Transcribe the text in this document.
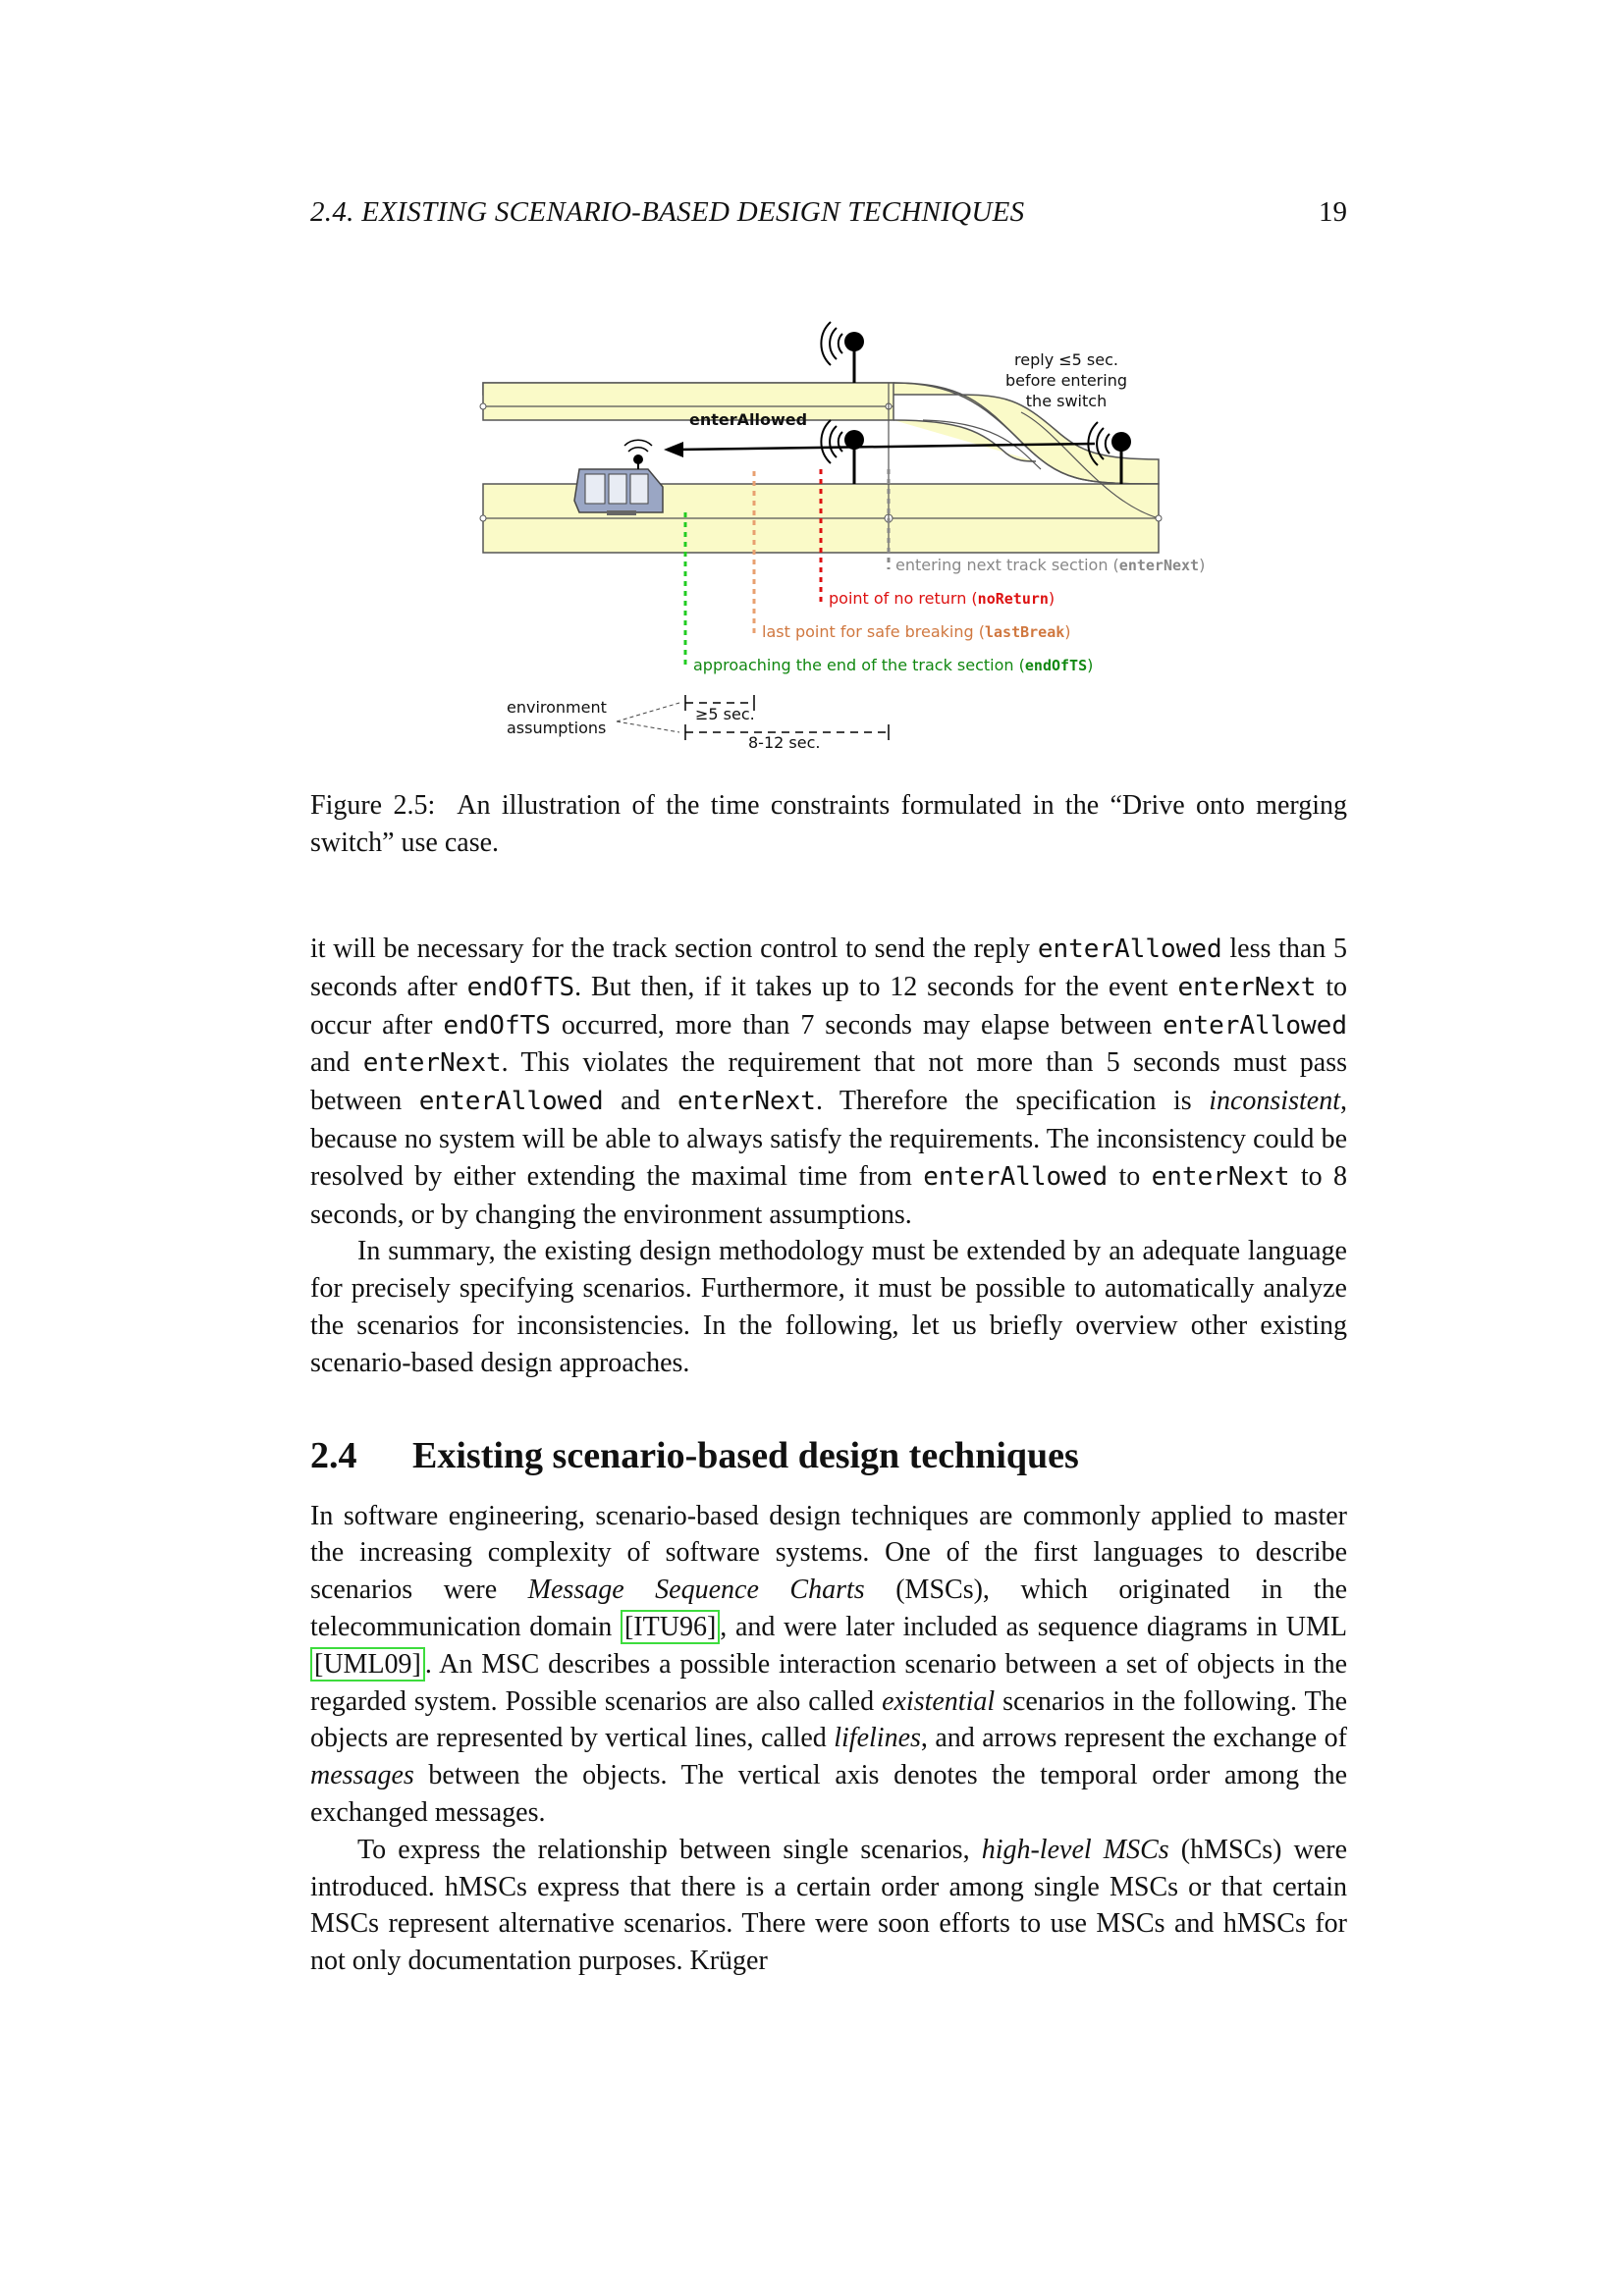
2.4. EXISTING SCENARIO-BASED DESIGN TECHNIQUES	19
reply ≤5 sec.
before entering
the switch
enterAllowed
entering next track section (enterNext)
point of no return (noReturn)
last point for safe breaking (lastBreak)
approaching the end of the track section (endOfTS)
environment
assumptions
≥5 sec.
8-12 sec.
Figure 2.5: An illustration of the time constraints formulated in the “Drive onto merging switch” use case.

it will be necessary for the track section control to send the reply enterAllowed less than 5 seconds after endOfTS. But then, if it takes up to 12 seconds for the event enterNext to occur after endOfTS occurred, more than 7 seconds may elapse between enterAllowed and enterNext. This violates the requirement that not more than 5 seconds must pass between enterAllowed and enterNext. Therefore the specification is inconsistent, because no system will be able to always satisfy the requirements. The inconsistency could be resolved by either extending the maximal time from enterAllowed to enterNext to 8 seconds, or by changing the environment assumptions.

In summary, the existing design methodology must be extended by an adequate language for precisely specifying scenarios. Furthermore, it must be possible to automatically analyze the scenarios for inconsistencies. In the following, let us briefly overview other existing scenario-based design approaches.

2.4 Existing scenario-based design techniques

In software engineering, scenario-based design techniques are commonly applied to master the increasing complexity of software systems. One of the first languages to describe scenarios were Message Sequence Charts (MSCs), which originated in the telecommunication domain [ITU96] , and were later included as sequence diagrams in UML [UML09] . An MSC describes a possible interaction scenario between a set of objects in the regarded system. Possible scenarios are also called existential scenarios in the following. The objects are represented by vertical lines, called lifelines, and arrows represent the exchange of messages between the objects. The vertical axis denotes the temporal order among the exchanged messages.

To express the relationship between single scenarios, high-level MSCs (hMSCs) were introduced. hMSCs express that there is a certain order among single MSCs or that certain MSCs represent alternative scenarios. There were soon efforts to use MSCs and hMSCs for not only documentation purposes. Krüger
